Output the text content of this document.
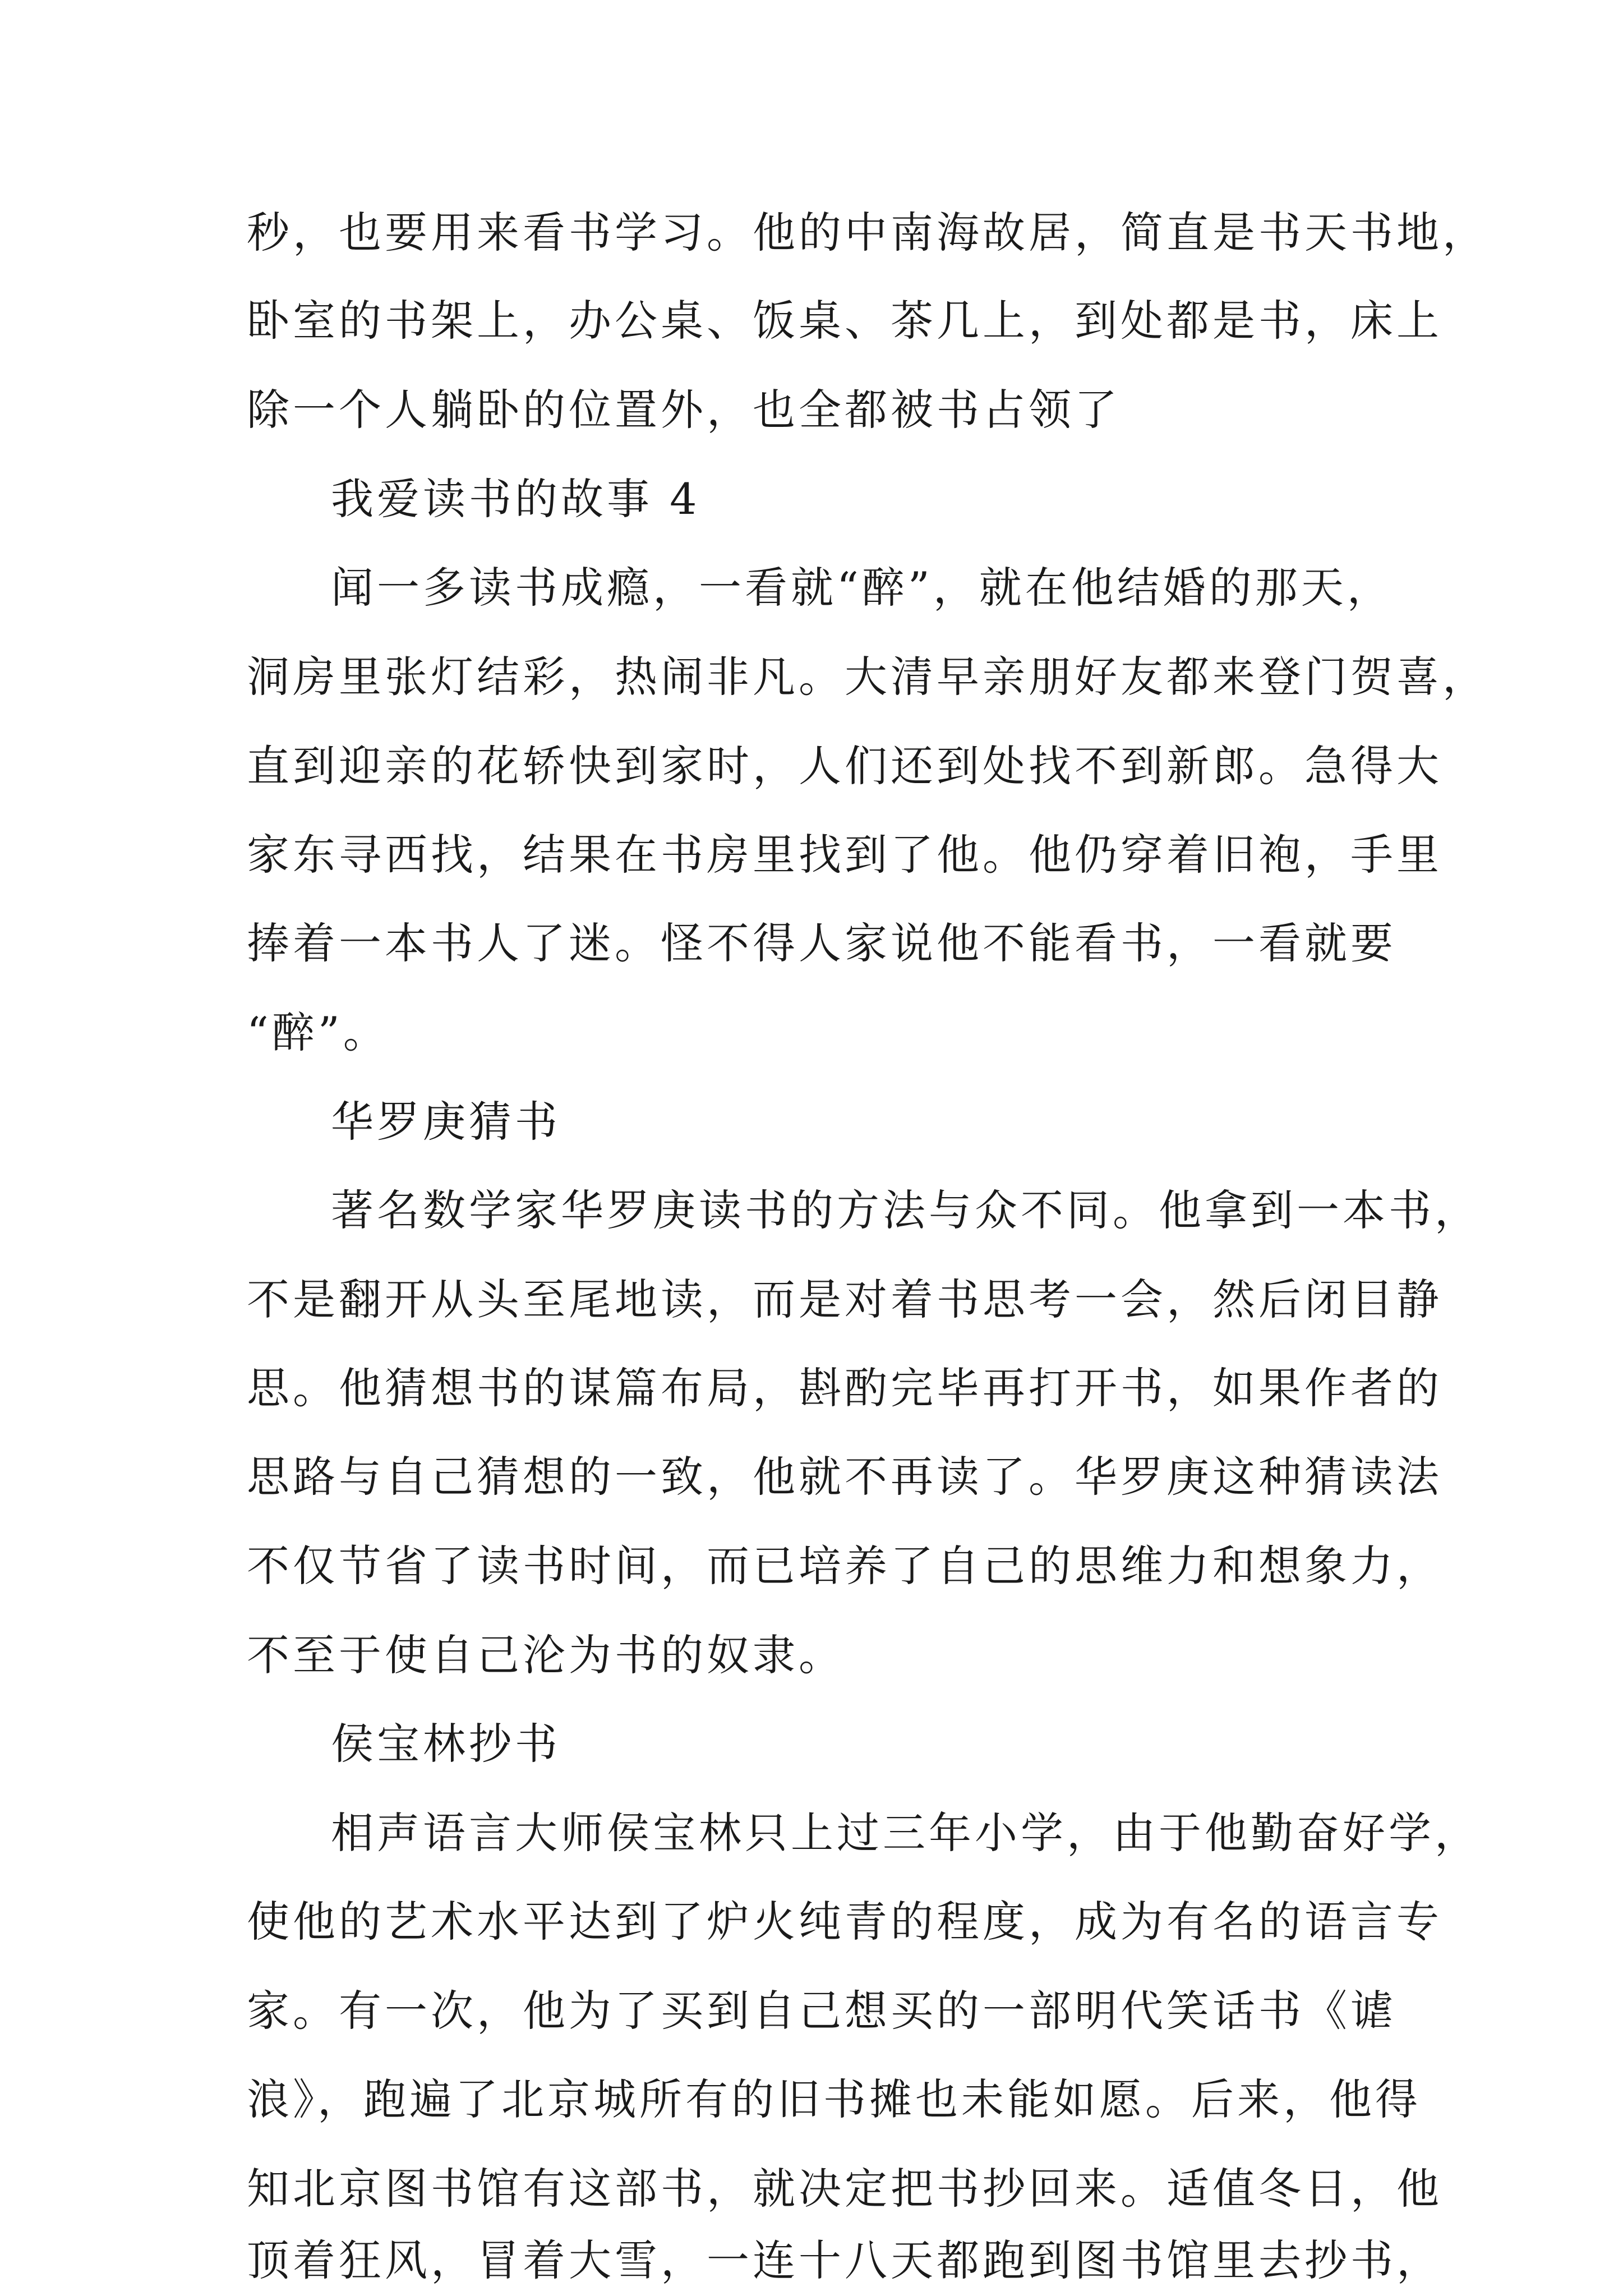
秒，也要用来看书学习。他的中南海故居，简直是书天书地，
卧室的书架上，办公桌、饭桌、茶几上，到处都是书，床上
除一个人躺卧的位置外，也全都被书占领了
我爱读书的故事 4
闻一多读书成瘾，一看就“醉”，就在他结婚的那天，
洞房里张灯结彩，热闹非凡。大清早亲朋好友都来登门贺喜，
直到迎亲的花轿快到家时，人们还到处找不到新郎。急得大
家东寻西找，结果在书房里找到了他。他仍穿着旧袍，手里
捧着一本书人了迷。怪不得人家说他不能看书，一看就要
“醉”。
华罗庚猜书
著名数学家华罗庚读书的方法与众不同。他拿到一本书，
不是翻开从头至尾地读，而是对着书思考一会，然后闭目静
思。他猜想书的谋篇布局，斟酌完毕再打开书，如果作者的
思路与自己猜想的一致，他就不再读了。华罗庚这种猜读法
不仅节省了读书时间，而已培养了自己的思维力和想象力，
不至于使自己沦为书的奴隶。
侯宝林抄书
相声语言大师侯宝林只上过三年小学，由于他勤奋好学，
使他的艺术水平达到了炉火纯青的程度，成为有名的语言专
家。有一次，他为了买到自己想买的一部明代笑话书《谑
浪》，跑遍了北京城所有的旧书摊也未能如愿。后来，他得
知北京图书馆有这部书，就决定把书抄回来。适值冬日，他
顶着狂风，冒着大雪，一连十八天都跑到图书馆里去抄书，
